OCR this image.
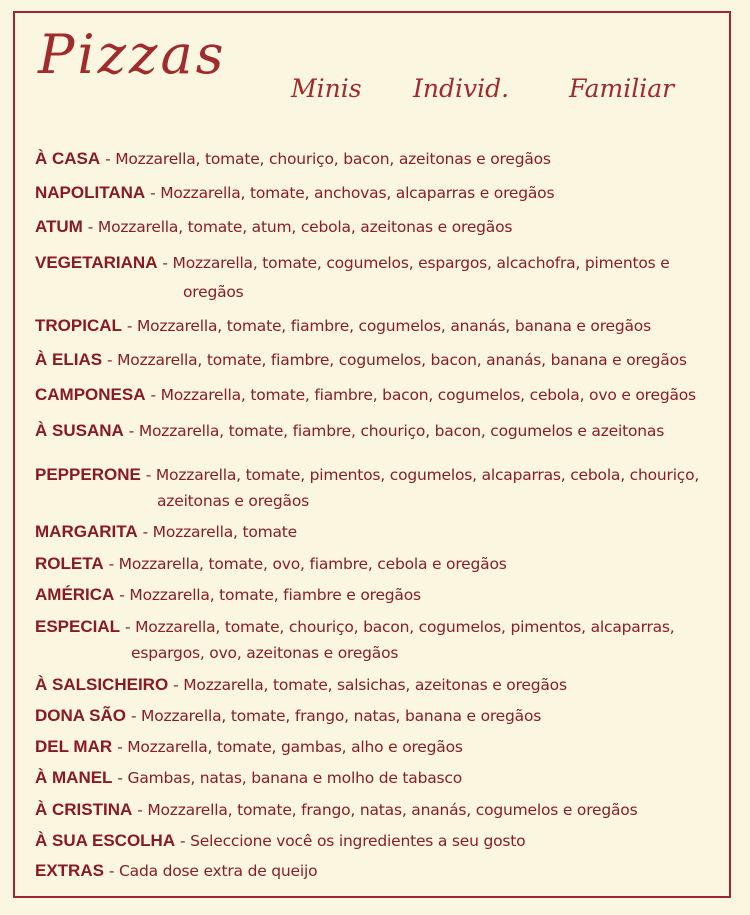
Pizzas
Minis Individ. Familiar
À CASA - Mozzarella, tomate, chouriço, bacon, azeitonas e oregãos
NAPOLITANA - Mozzarella, tomate, anchovas, alcaparras e oregãos
ATUM - Mozzarella, tomate, atum, cebola, azeitonas e oregãos
VEGETARIANA - Mozzarella, tomate, cogumelos, espargos, alcachofra, pimentos e
oregãos
TROPICAL - Mozzarella, tomate, fiambre, cogumelos, ananás, banana e oregãos
À ELIAS - Mozzarella, tomate, fiambre, cogumelos, bacon, ananás, banana e oregãos
CAMPONESA - Mozzarella, tomate, fiambre, bacon, cogumelos, cebola, ovo e oregãos
À SUSANA - Mozzarella, tomate, fiambre, chouriço, bacon, cogumelos e azeitonas
PEPPERONE - Mozzarella, tomate, pimentos, cogumelos, alcaparras, cebola, chouriço,
azeitonas e oregãos
MARGARITA - Mozzarella, tomate
ROLETA - Mozzarella, tomate, ovo, fiambre, cebola e oregãos
AMÉRICA - Mozzarella, tomate, fiambre e oregãos
ESPECIAL - Mozzarella, tomate, chouriço, bacon, cogumelos, pimentos, alcaparras,
espargos, ovo, azeitonas e oregãos
À SALSICHEIRO - Mozzarella, tomate, salsichas, azeitonas e oregãos
DONA SÃO - Mozzarella, tomate, frango, natas, banana e oregãos
DEL MAR - Mozzarella, tomate, gambas, alho e oregãos
À MANEL - Gambas, natas, banana e molho de tabasco
À CRISTINA - Mozzarella, tomate, frango, natas, ananás, cogumelos e oregãos
À SUA ESCOLHA - Seleccione você os ingredientes a seu gosto
EXTRAS - Cada dose extra de queijo
